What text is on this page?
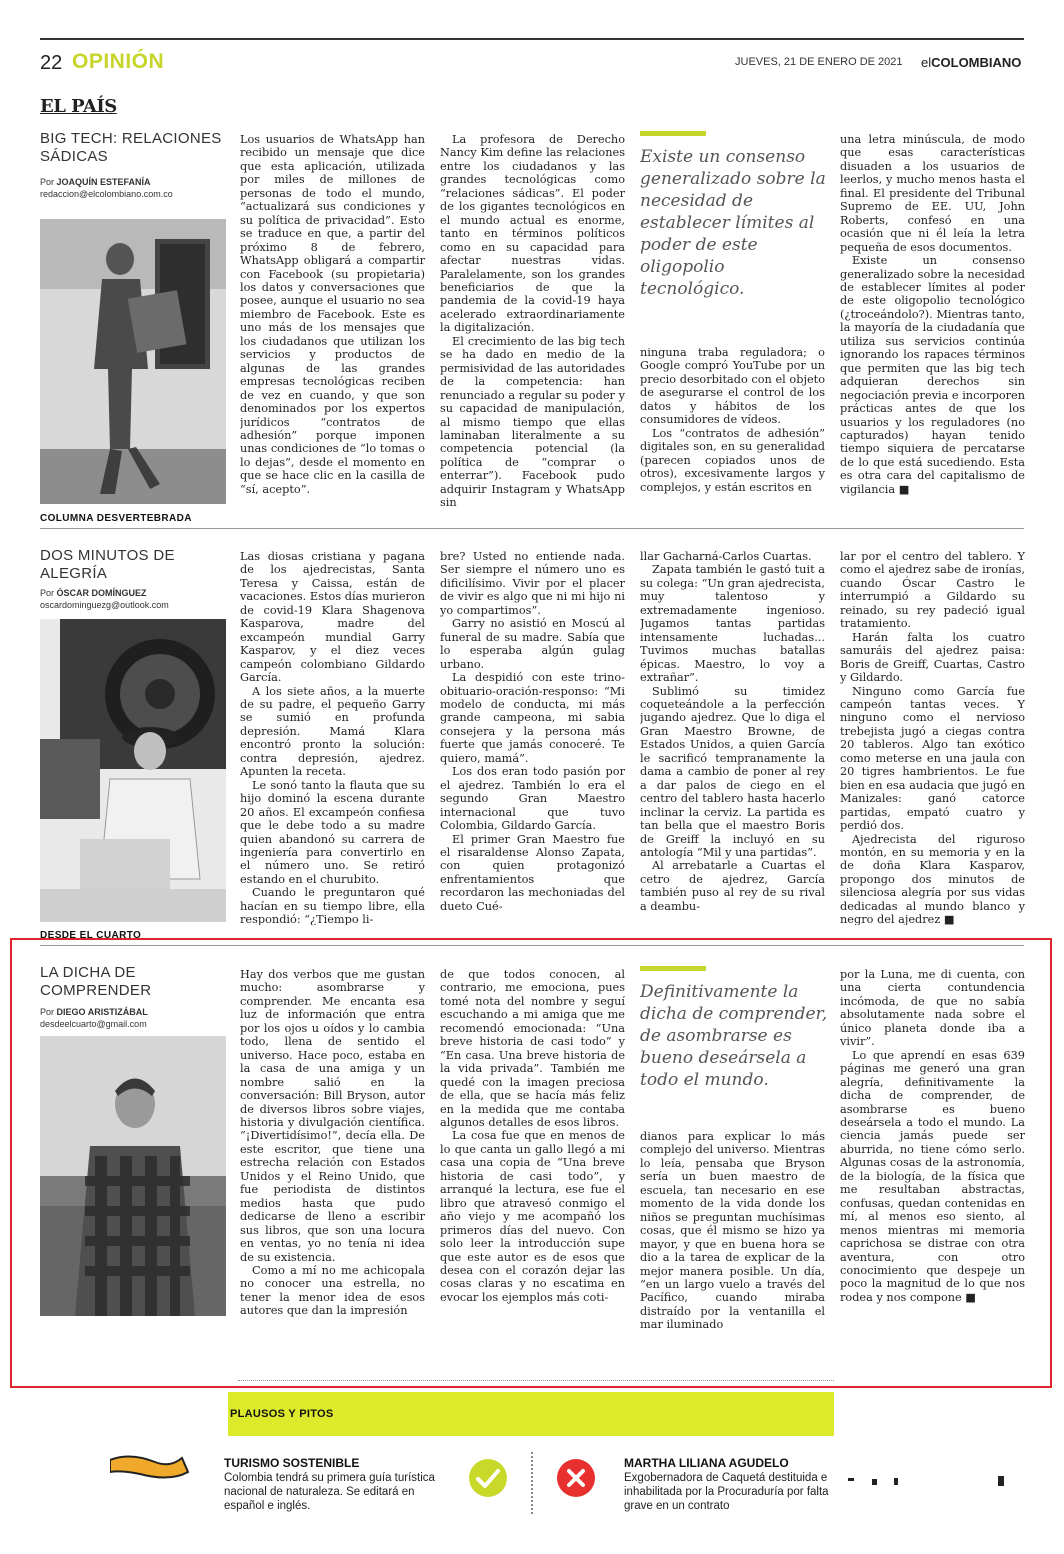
22 OPINIÓN	JUEVES, 21 DE ENERO DE 2021 elCOLOMBIANO
EL PAÍS
BIG TECH: RELACIONES SÁDICAS
Por JOAQUÍN ESTEFANÍA
redaccion@elcolombiano.com.co

Los usuarios de WhatsApp han recibido un mensaje que dice que esta aplicación, utilizada por miles de millones de personas de todo el mundo, “actualizará sus condiciones y su política de privacidad”. Esto se traduce en que, a partir del próximo 8 de febrero, WhatsApp obligará a compartir con Facebook (su propietaria) los datos y conversaciones que posee, aunque el usuario no sea miembro de Facebook. Este es uno más de los mensajes que los ciudadanos que utilizan los servicios y productos de algunas de las grandes empresas tecnológicas reciben de vez en cuando, y que son denominados por los expertos jurídicos “contratos de adhesión” porque imponen unas condiciones de “lo tomas o lo dejas”, desde el momento en que se hace clic en la casilla de “sí, acepto”.

La profesora de Derecho Nancy Kim define las relaciones entre los ciudadanos y las grandes tecnológicas como “relaciones sádicas”. El poder de los gigantes tecnológicos en el mundo actual es enorme, tanto en términos políticos como en su capacidad para afectar nuestras vidas. Paralelamente, son los grandes beneficiarios de que la pandemia de la covid-19 haya acelerado extraordinariamente la digitalización.

El crecimiento de las big tech se ha dado en medio de la permisividad de las autoridades de la competencia: han renunciado a regular su poder y su capacidad de manipulación, al mismo tiempo que ellas laminaban literalmente a su competencia potencial (la política de “comprar o enterrar”). Facebook pudo adquirir Instagram y WhatsApp sin

Existe un consenso generalizado sobre la necesidad de establecer límites al poder de este oligopolio tecnológico.

ninguna traba reguladora; o Google compró YouTube por un precio desorbitado con el objeto de asegurarse el control de los datos y hábitos de los consumidores de vídeos.

Los “contratos de adhesión” digitales son, en su generalidad (parecen copiados unos de otros), excesivamente largos y complejos, y están escritos en

una letra minúscula, de modo que esas características disuaden a los usuarios de leerlos, y mucho menos hasta el final. El presidente del Tribunal Supremo de EE. UU, John Roberts, confesó en una ocasión que ni él leía la letra pequeña de esos documentos.

Existe un consenso generalizado sobre la necesidad de establecer límites al poder de este oligopolio tecnológico (¿troceándolo?). Mientras tanto, la mayoría de la ciudadanía que utiliza sus servicios continúa ignorando los rapaces términos que permiten que las big tech adquieran derechos sin negociación previa e incorporen prácticas antes de que los usuarios y los reguladores (no capturados) hayan tenido tiempo siquiera de percatarse de lo que está sucediendo. Esta es otra cara del capitalismo de vigilancia ■

COLUMNA DESVERTEBRADA
DOS MINUTOS DE ALEGRÍA
Por ÓSCAR DOMÍNGUEZ
oscardominguezg@outlook.com

Las diosas cristiana y pagana de los ajedrecistas, Santa Teresa y Caissa, están de vacaciones. Estos días murieron de covid-19 Klara Shagenova Kasparova, madre del excampeón mundial Garry Kasparov, y el diez veces campeón colombiano Gildardo García.

A los siete años, a la muerte de su padre, el pequeño Garry se sumió en profunda depresión. Mamá Klara encontró pronto la solución: contra depresión, ajedrez. Apunten la receta.

Le sonó tanto la flauta que su hijo dominó la escena durante 20 años. El excampeón confiesa que le debe todo a su madre quien abandonó su carrera de ingeniería para convertirlo en el número uno. Se retiró estando en el churubito.

Cuando le preguntaron qué hacían en su tiempo libre, ella respondió: “¿Tiempo li-

bre? Usted no entiende nada. Ser siempre el número uno es dificilísimo. Vivir por el placer de vivir es algo que ni mi hijo ni yo compartimos”.

Garry no asistió en Moscú al funeral de su madre. Sabía que lo esperaba algún gulag urbano.

La despidió con este trino-obituario-oración-responso: “Mi modelo de conducta, mi más grande campeona, mi sabia consejera y la persona más fuerte que jamás conoceré. Te quiero, mamá”.

Los dos eran todo pasión por el ajedrez. También lo era el segundo Gran Maestro internacional que tuvo Colombia, Gildardo García.

El primer Gran Maestro fue el risaraldense Alonso Zapata, con quien protagonizó enfrentamientos que recordaron las mechoniadas del dueto Cué-

llar Gacharná-Carlos Cuartas.

Zapata también le gastó tuit a su colega: “Un gran ajedrecista, muy talentoso y extremadamente ingenioso. Jugamos tantas partidas intensamente luchadas... Tuvimos muchas batallas épicas. Maestro, lo voy a extrañar”.

Sublimó su timidez coqueteándole a la perfección jugando ajedrez. Que lo diga el Gran Maestro Browne, de Estados Unidos, a quien García le sacrificó tempranamente la dama a cambio de poner al rey a dar palos de ciego en el centro del tablero hasta hacerlo inclinar la cerviz. La partida es tan bella que el maestro Boris de Greiff la incluyó en su antología “Mil y una partidas”.

Al arrebatarle a Cuartas el cetro de ajedrez, García también puso al rey de su rival a deambu-

lar por el centro del tablero. Y como el ajedrez sabe de ironías, cuando Óscar Castro le interrumpió a Gildardo su reinado, su rey padeció igual tratamiento.

Harán falta los cuatro samuráis del ajedrez paisa: Boris de Greiff, Cuartas, Castro y Gildardo.

Ninguno como García fue campeón tantas veces. Y ninguno como el nervioso trebejista jugó a ciegas contra 20 tableros. Algo tan exótico como meterse en una jaula con 20 tigres hambrientos. Le fue bien en esa audacia que jugó en Manizales: ganó catorce partidas, empató cuatro y perdió dos.

Ajedrecista del riguroso montón, en su memoria y en la de doña Klara Kasparov, propongo dos minutos de silenciosa alegría por sus vidas dedicadas al mundo blanco y negro del ajedrez ■

DESDE EL CUARTO
LA DICHA DE COMPRENDER
Por DIEGO ARISTIZÁBAL
desdeelcuarto@gmail.com

Hay dos verbos que me gustan mucho: asombrarse y comprender. Me encanta esa luz de información que entra por los ojos u oídos y lo cambia todo, llena de sentido el universo. Hace poco, estaba en la casa de una amiga y un nombre salió en la conversación: Bill Bryson, autor de diversos libros sobre viajes, historia y divulgación científica. “¡Divertidísimo!”, decía ella. De este escritor, que tiene una estrecha relación con Estados Unidos y el Reino Unido, que fue periodista de distintos medios hasta que pudo dedicarse de lleno a escribir sus libros, que son una locura en ventas, yo no tenía ni idea de su existencia.

Como a mí no me achicopala no conocer una estrella, no tener la menor idea de esos autores que dan la impresión

de que todos conocen, al contrario, me emociona, pues tomé nota del nombre y seguí escuchando a mi amiga que me recomendó emocionada: “Una breve historia de casi todo” y “En casa. Una breve historia de la vida privada”. También me quedé con la imagen preciosa de ella, que se hacía más feliz en la medida que me contaba algunos detalles de esos libros.

La cosa fue que en menos de lo que canta un gallo llegó a mi casa una copia de “Una breve historia de casi todo”, y arranqué la lectura, ese fue el libro que atravesó conmigo el año viejo y me acompañó los primeros días del nuevo. Con solo leer la introducción supe que este autor es de esos que desea con el corazón dejar las cosas claras y no escatima en evocar los ejemplos más coti-

Definitivamente la dicha de comprender, de asombrarse es bueno deseársela a todo el mundo.

dianos para explicar lo más complejo del universo. Mientras lo leía, pensaba que Bryson sería un buen maestro de escuela, tan necesario en ese momento de la vida donde los niños se preguntan muchísimas cosas, que él mismo se hizo ya mayor, y que en buena hora se dio a la tarea de explicar de la mejor manera posible. Un día, “en un largo vuelo a través del Pacífico, cuando miraba distraído por la ventanilla el mar iluminado

por la Luna, me di cuenta, con una cierta contundencia incómoda, de que no sabía absolutamente nada sobre el único planeta donde iba a vivir”.

Lo que aprendí en esas 639 páginas me generó una gran alegría, definitivamente la dicha de comprender, de asombrarse es bueno deseársela a todo el mundo. La ciencia jamás puede ser aburrida, no tiene cómo serlo. Algunas cosas de la astronomía, de la biología, de la física que me resultaban abstractas, confusas, quedan contenidas en mí, al menos eso siento, al menos mientras mi memoria caprichosa se distrae con otra aventura, con otro conocimiento que despeje un poco la magnitud de lo que nos rodea y nos compone ■

PLAUSOS Y PITOS
TURISMO SOSTENIBLE
Colombia tendrá su primera guía turística nacional de naturaleza. Se editará en español e inglés.
MARTHA LILIANA AGUDELO
Exgobernadora de Caquetá destituida e inhabilitada por la Procuraduría por falta grave en un contrato
